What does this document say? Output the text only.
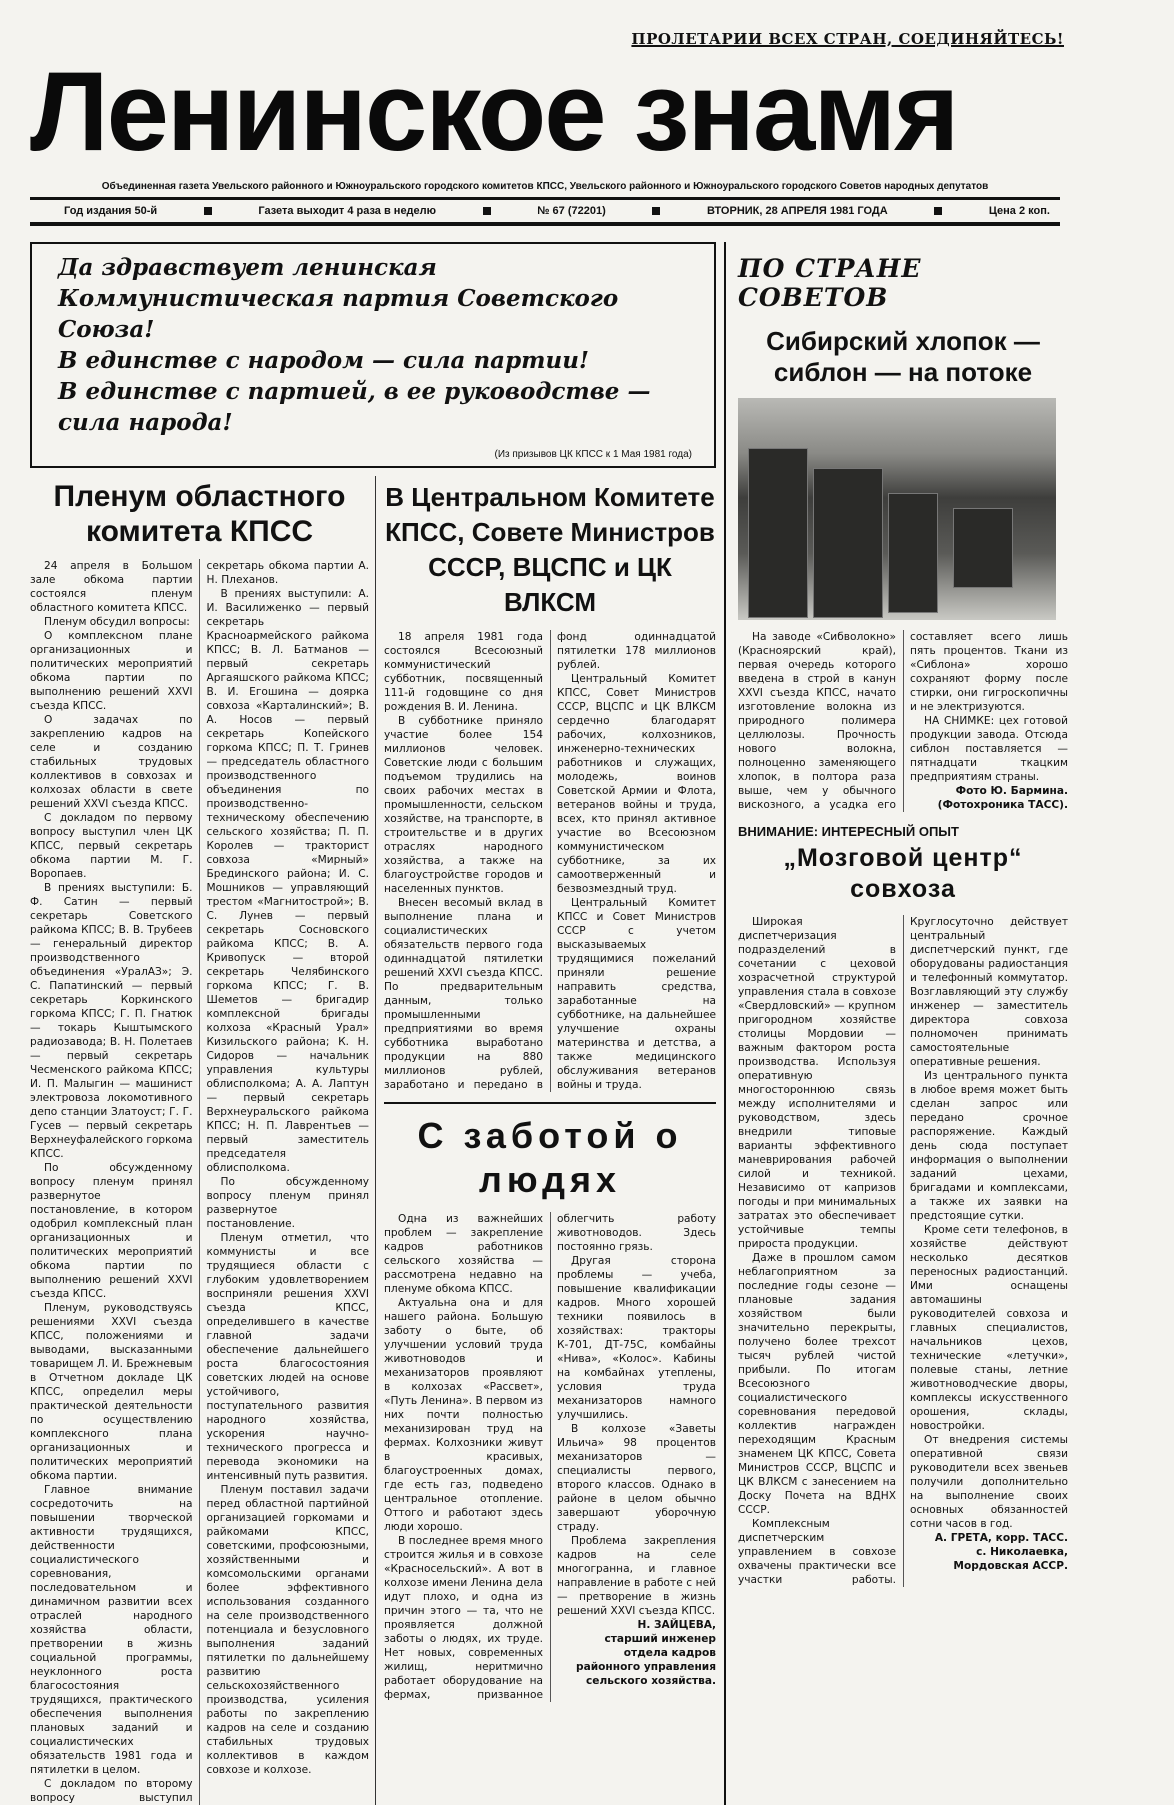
ПРОЛЕТАРИИ ВСЕХ СТРАН, СОЕДИНЯЙТЕСЬ!
Ленинское знамя
Объединенная газета Увельского районного и Южноуральского городского комитетов КПСС, Увельского районного и Южноуральского городского Советов народных депутатов
Год издания 50-й	Газета выходит 4 раза в неделю	№ 67 (72201)	ВТОРНИК, 28 АПРЕЛЯ 1981 ГОДА	Цена 2 коп.
Да здравствует ленинская Коммунистическая партия Советского Союза!
В единстве с народом — сила партии!
В единстве с партией, в ее руководстве — сила народа!
(Из призывов ЦК КПСС к 1 Мая 1981 года)
Пленум областного комитета КПСС

24 апреля в Большом зале обкома партии состоялся пленум областного комитета КПСС.

Пленум обсудил вопросы:

О комплексном плане организационных и политических мероприятий обкома партии по выполнению решений XXVI съезда КПСС.

О задачах по закреплению кадров на селе и созданию стабильных трудовых коллективов в совхозах и колхозах области в свете решений XXVI съезда КПСС.

С докладом по первому вопросу выступил член ЦК КПСС, первый секретарь обкома партии М. Г. Воропаев.

В прениях выступили: Б. Ф. Сатин — первый секретарь Советского райкома КПСС; В. В. Трубеев — генеральный директор производственного объединения «УралАЗ»; Э. С. Папатинский — первый секретарь Коркинского горкома КПСС; Г. П. Гнатюк — токарь Кыштымского радиозавода; В. Н. Полетаев — первый секретарь Чесменского райкома КПСС; И. П. Малыгин — машинист электровоза локомотивного депо станции Златоуст; Г. Г. Гусев — первый секретарь Верхнеуфалейского горкома КПСС.

По обсужденному вопросу пленум принял развернутое постановление, в котором одобрил комплексный план организационных и политических мероприятий обкома партии по выполнению решений XXVI съезда КПСС.

Пленум, руководствуясь решениями XXVI съезда КПСС, положениями и выводами, высказанными товарищем Л. И. Брежневым в Отчетном докладе ЦК КПСС, определил меры практической деятельности по осуществлению комплексного плана организационных и политических мероприятий обкома партии.

Главное внимание сосредоточить на повышении творческой активности трудящихся, действенности социалистического соревнования, последовательном и динамичном развитии всех отраслей народного хозяйства области, претворении в жизнь социальной программы, неуклонного роста благосостояния трудящихся, практического обеспечения выполнения плановых заданий и социалистических обязательств 1981 года и пятилетки в целом.

С докладом по второму вопросу выступил секретарь обкома партии А. Н. Плеханов.

В прениях выступили: А. И. Василиженко — первый секретарь Красноармейского райкома КПСС; В. Л. Батманов — первый секретарь Аргаяшского райкома КПСС; В. И. Егошина — доярка совхоза «Карталинский»; В. А. Носов — первый секретарь Копейского горкома КПСС; П. Т. Гринев — председатель областного производственного объединения по производственно-техническому обеспечению сельского хозяйства; П. П. Королев — тракторист совхоза «Мирный» Брединского района; И. С. Мошников — управляющий трестом «Магнитострой»; В. С. Лунев — первый секретарь Сосновского райкома КПСС; В. А. Кривопуск — второй секретарь Челябинского горкома КПСС; Г. В. Шеметов — бригадир комплексной бригады колхоза «Красный Урал» Кизильского района; К. Н. Сидоров — начальник управления культуры облисполкома; А. А. Лаптун — первый секретарь Верхнеуральского райкома КПСС; Н. П. Лаврентьев — первый заместитель председателя облисполкома.

По обсужденному вопросу пленум принял развернутое постановление.

Пленум отметил, что коммунисты и все трудящиеся области с глубоким удовлетворением восприняли решения XXVI съезда КПСС, определившего в качестве главной задачи обеспечение дальнейшего роста благосостояния советских людей на основе устойчивого, поступательного развития народного хозяйства, ускорения научно-технического прогресса и перевода экономики на интенсивный путь развития.

Пленум поставил задачи перед областной партийной организацией горкомами и райкомами КПСС, советскими, профсоюзными, хозяйственными и комсомольскими органами более эффективного использования созданного на селе производственного потенциала и безусловного выполнения заданий пятилетки по дальнейшему развитию сельскохозяйственного производства, усиления работы по закреплению кадров на селе и созданию стабильных трудовых коллективов в каждом совхозе и колхозе.

В Центральном Комитете КПСС, Совете Министров СССР, ВЦСПС и ЦК ВЛКСМ

18 апреля 1981 года состоялся Всесоюзный коммунистический субботник, посвященный 111-й годовщине со дня рождения В. И. Ленина.

В субботнике приняло участие более 154 миллионов человек. Советские люди с большим подъемом трудились на своих рабочих местах в промышленности, сельском хозяйстве, на транспорте, в строительстве и в других отраслях народного хозяйства, а также на благоустройстве городов и населенных пунктов.

Внесен весомый вклад в выполнение плана и социалистических обязательств первого года одиннадцатой пятилетки решений XXVI съезда КПСС. По предварительным данным, только промышленными предприятиями во время субботника выработано продукции на 880 миллионов рублей, заработано и передано в фонд одиннадцатой пятилетки 178 миллионов рублей.

Центральный Комитет КПСС, Совет Министров СССР, ВЦСПС и ЦК ВЛКСМ сердечно благодарят рабочих, колхозников, инженерно-технических работников и служащих, молодежь, воинов Советской Армии и Флота, ветеранов войны и труда, всех, кто принял активное участие во Всесоюзном коммунистическом субботнике, за их самоотверженный и безвозмездный труд.

Центральный Комитет КПСС и Совет Министров СССР с учетом высказываемых трудящимися пожеланий приняли решение направить средства, заработанные на субботнике, на дальнейшее улучшение охраны материнства и детства, а также медицинского обслуживания ветеранов войны и труда.

С заботой о людях

Одна из важнейших проблем — закрепление кадров работников сельского хозяйства — рассмотрена недавно на пленуме обкома КПСС.

Актуальна она и для нашего района. Большую заботу о быте, об улучшении условий труда животноводов и механизаторов проявляют в колхозах «Рассвет», «Путь Ленина». В первом из них почти полностью механизирован труд на фермах. Колхозники живут в красивых, благоустроенных домах, где есть газ, подведено центральное отопление. Оттого и работают здесь люди хорошо.

В последнее время много строится жилья и в совхозе «Красносельский». А вот в колхозе имени Ленина дела идут плохо, и одна из причин этого — та, что не проявляется должной заботы о людях, их труде. Нет новых, современных жилищ, неритмично работает оборудование на фермах, призванное облегчить работу животноводов. Здесь постоянно грязь.

Другая сторона проблемы — учеба, повышение квалификации кадров. Много хорошей техники появилось в хозяйствах: тракторы К-701, ДТ-75С, комбайны «Нива», «Колос». Кабины на комбайнах утеплены, условия труда механизаторов намного улучшились.

В колхозе «Заветы Ильича» 98 процентов механизаторов — специалисты первого, второго классов. Однако в районе в целом обычно завершают уборочную страду.

Проблема закрепления кадров на селе многогранна, и главное направление в работе с ней — претворение в жизнь решений XXVI съезда КПСС.

Н. ЗАЙЦЕВА,

старший инженер отдела кадров районного управления сельского хозяйства.

ПО СТРАНЕ СОВЕТОВ
Сибирский хлопок — сиблон — на потоке

На заводе «Сибволокно» (Красноярский край), первая очередь которого введена в строй в канун XXVI съезда КПСС, начато изготовление волокна из природного полимера целлюлозы. Прочность нового волокна, полноценно заменяющего хлопок, в полтора раза выше, чем у обычного вискозного, а усадка его составляет всего лишь пять процентов. Ткани из «Сиблона» хорошо сохраняют форму после стирки, они гигроскопичны и не электризуются.

НА СНИМКЕ: цех готовой продукции завода. Отсюда сиблон поставляется — пятнадцати ткацким предприятиям страны.

Фото Ю. Бармина. (Фотохроника ТАСС).

ВНИМАНИЕ: ИНТЕРЕСНЫЙ ОПЫТ
„Мозговой центр“ совхоза

Широкая диспетчеризация подразделений в сочетании с цеховой хозрасчетной структурой управления стала в совхозе «Свердловский» — крупном пригородном хозяйстве столицы Мордовии — важным фактором роста производства. Используя оперативную многостороннюю связь между исполнителями и руководством, здесь внедрили типовые варианты эффективного маневрирования рабочей силой и техникой. Независимо от капризов погоды и при минимальных затратах это обеспечивает устойчивые темпы прироста продукции.

Даже в прошлом самом неблагоприятном за последние годы сезоне — плановые задания хозяйством были значительно перекрыты, получено более трехсот тысяч рублей чистой прибыли. По итогам Всесоюзного социалистического соревнования передовой коллектив награжден переходящим Красным знаменем ЦК КПСС, Совета Министров СССР, ВЦСПС и ЦК ВЛКСМ с занесением на Доску Почета на ВДНХ СССР.

Комплексным диспетчерским управлением в совхозе охвачены практически все участки работы. Круглосуточно действует центральный диспетчерский пункт, где оборудованы радиостанция и телефонный коммутатор. Возглавляющий эту службу инженер — заместитель директора совхоза полномочен принимать самостоятельные оперативные решения.

Из центрального пункта в любое время может быть сделан запрос или передано срочное распоряжение. Каждый день сюда поступает информация о выполнении заданий цехами, бригадами и комплексами, а также их заявки на предстоящие сутки.

Кроме сети телефонов, в хозяйстве действуют несколько десятков переносных радиостанций. Ими оснащены автомашины руководителей совхоза и главных специалистов, начальников цехов, технические «летучки», полевые станы, летние животноводческие дворы, комплексы искусственного орошения, склады, новостройки.

От внедрения системы оперативной связи руководители всех звеньев получили дополнительно на выполнение своих основных обязанностей сотни часов в год.

А. ГРЕТА, корр. ТАСС.

с. Николаевка, Мордовская АССР.
